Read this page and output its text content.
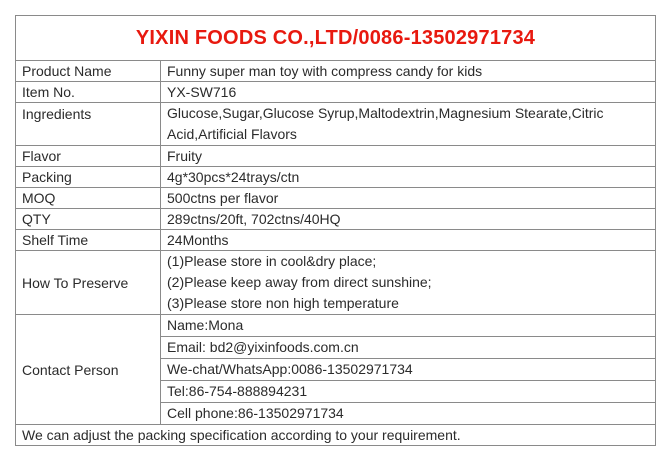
YIXIN FOODS CO.,LTD/0086-13502971734	
Product Name	Funny super man toy with compress candy for kids
Item No.	YX-SW716
Ingredients	Glucose,Sugar,Glucose Syrup,Maltodextrin,Magnesium Stearate,Citric Acid,Artificial Flavors
Flavor	Fruity
Packing	4g*30pcs*24trays/ctn
MOQ	500ctns per flavor
QTY	289ctns/20ft, 702ctns/40HQ
Shelf Time	24Months
How To Preserve	(1)Please store in cool&dry place;
(2)Please keep away from direct sunshine;
(3)Please store non high temperature

Contact Person	Name:Mona
Email: bd2@yixinfoods.com.cn
We-chat/WhatsApp:0086-13502971734
Tel:86-754-888894231
Cell phone:86-13502971734

We can adjust the packing specification according to your requirement.	
